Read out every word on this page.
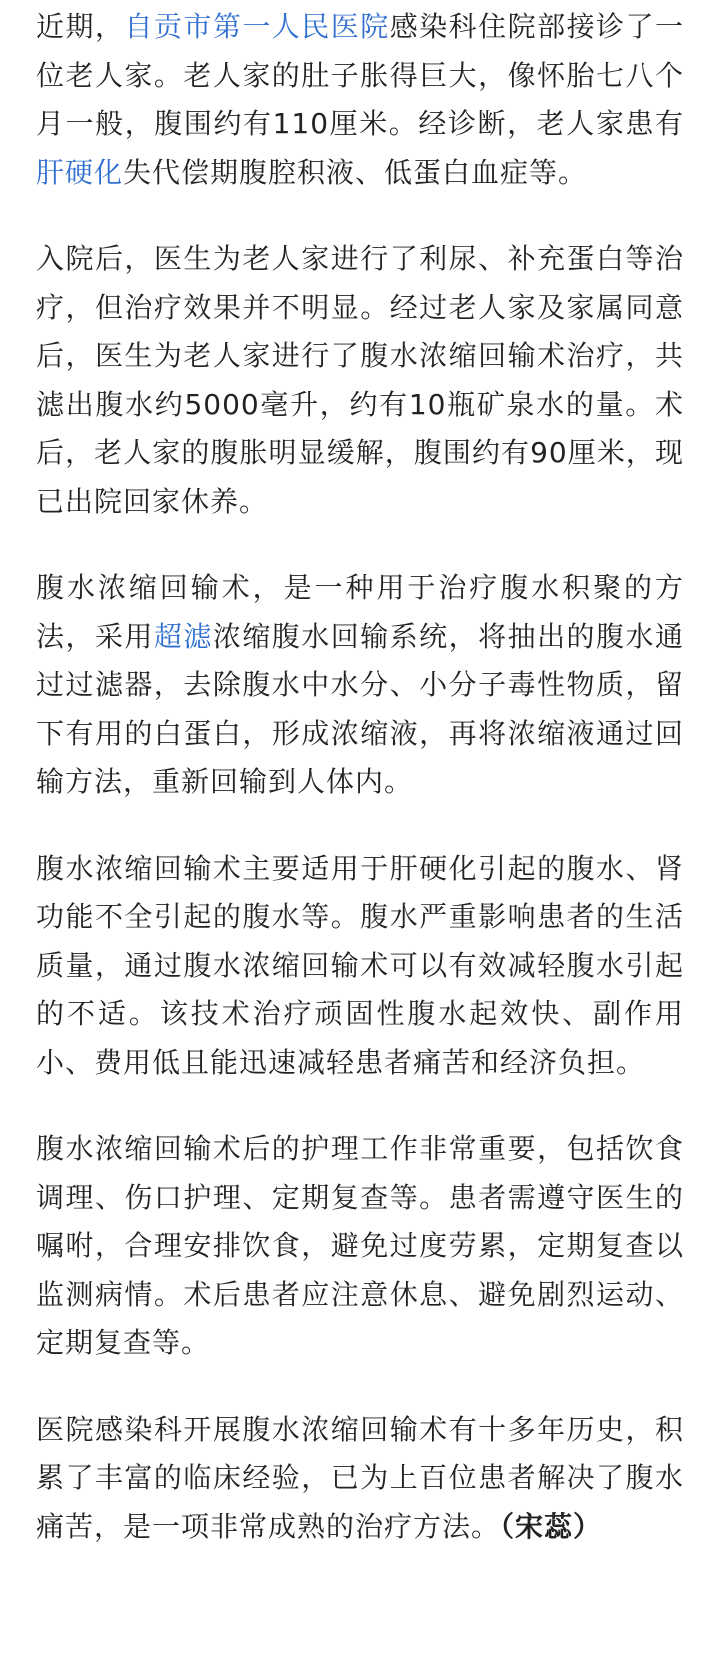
近期，自贡市第一人民医院感染科住院部接诊了一位老人家。老人家的肚子胀得巨大，像怀胎七八个月一般，腹围约有110厘米。经诊断，老人家患有肝硬化失代偿期腹腔积液、低蛋白血症等。

入院后，医生为老人家进行了利尿、补充蛋白等治疗，但治疗效果并不明显。经过老人家及家属同意后，医生为老人家进行了腹水浓缩回输术治疗，共滤出腹水约5000毫升，约有10瓶矿泉水的量。术后，老人家的腹胀明显缓解，腹围约有90厘米，现已出院回家休养。

腹水浓缩回输术，是一种用于治疗腹水积聚的方法，采用超滤浓缩腹水回输系统，将抽出的腹水通过过滤器，去除腹水中水分、小分子毒性物质，留下有用的白蛋白，形成浓缩液，再将浓缩液通过回输方法，重新回输到人体内。

腹水浓缩回输术主要适用于肝硬化引起的腹水、肾功能不全引起的腹水等。腹水严重影响患者的生活质量，通过腹水浓缩回输术可以有效减轻腹水引起的不适。该技术治疗顽固性腹水起效快、副作用小、费用低且能迅速减轻患者痛苦和经济负担。

腹水浓缩回输术后的护理工作非常重要，包括饮食调理、伤口护理、定期复查等。患者需遵守医生的嘱咐，合理安排饮食，避免过度劳累，定期复查以监测病情。术后患者应注意休息、避免剧烈运动、定期复查等。

医院感染科开展腹水浓缩回输术有十多年历史，积累了丰富的临床经验，已为上百位患者解决了腹水痛苦，是一项非常成熟的治疗方法。（宋蕊）
